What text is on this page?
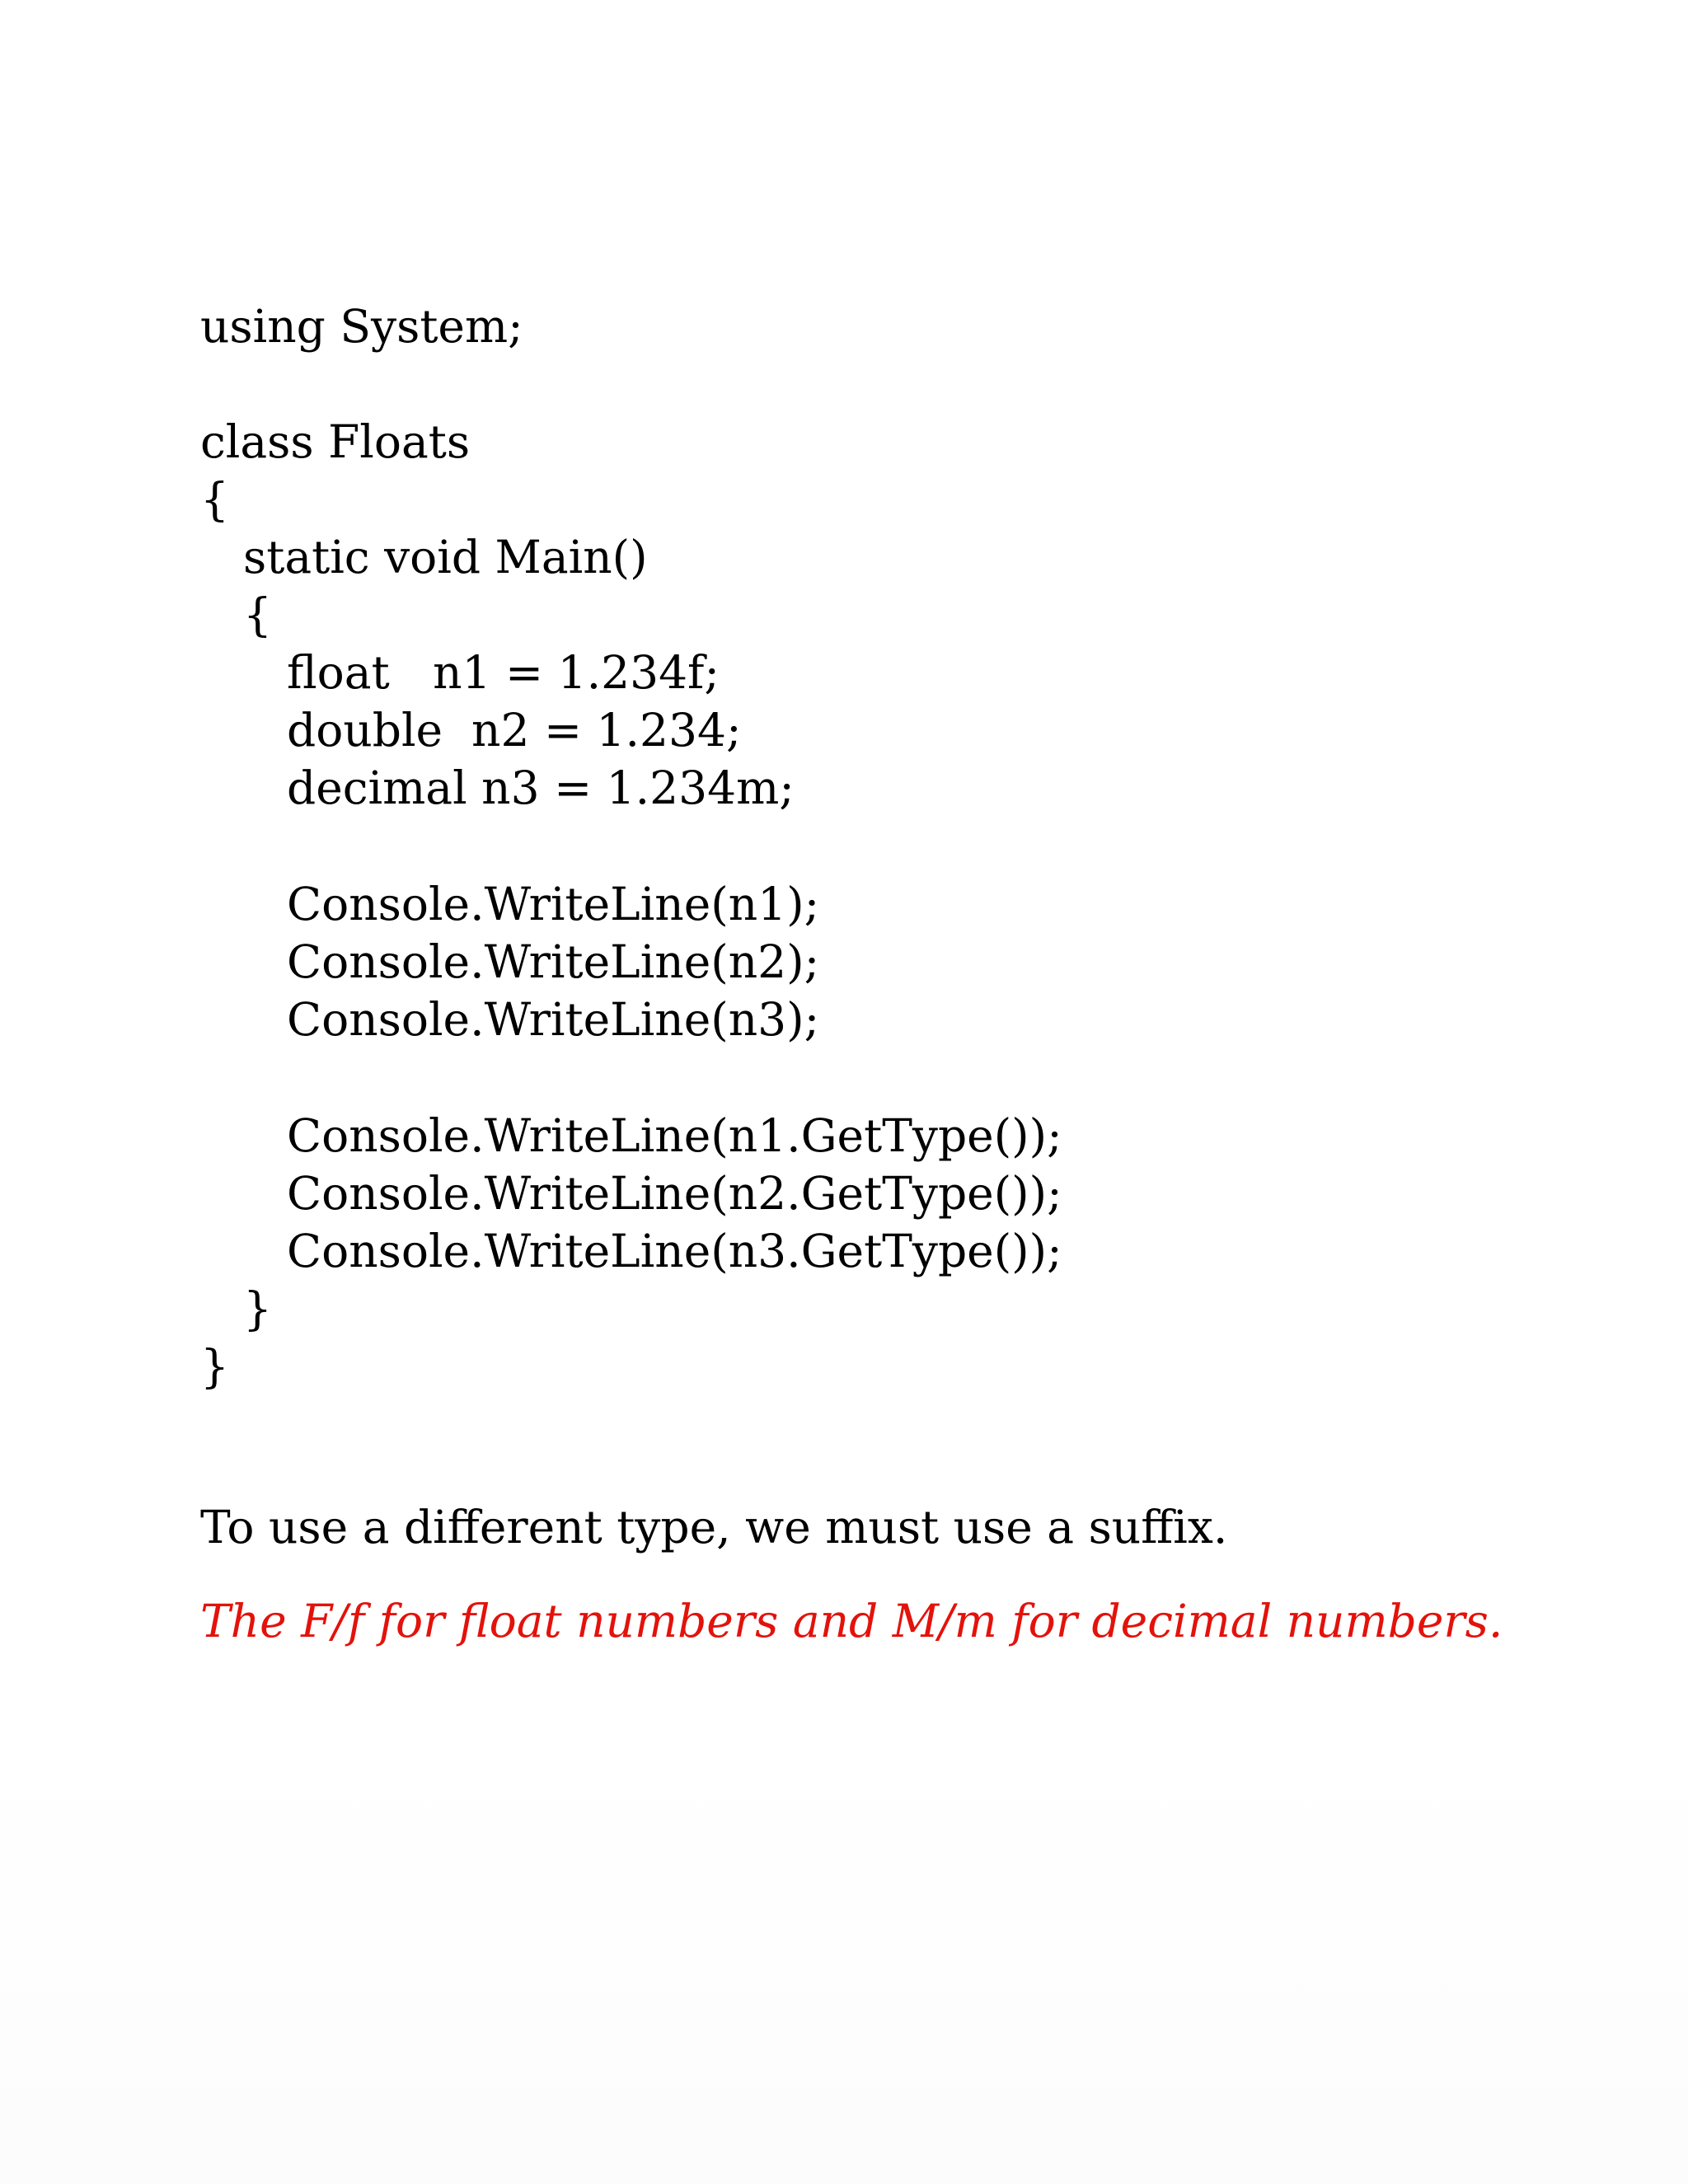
using System;

class Floats

{

static void Main()

{

float   n1 = 1.234f;

double  n2 = 1.234;

decimal n3 = 1.234m;

Console.WriteLine(n1);

Console.WriteLine(n2);

Console.WriteLine(n3);

Console.WriteLine(n1.GetType());

Console.WriteLine(n2.GetType());

Console.WriteLine(n3.GetType());

}

}

To use a different type, we must use a suffix.

The F/f for float numbers and M/m for decimal numbers.
